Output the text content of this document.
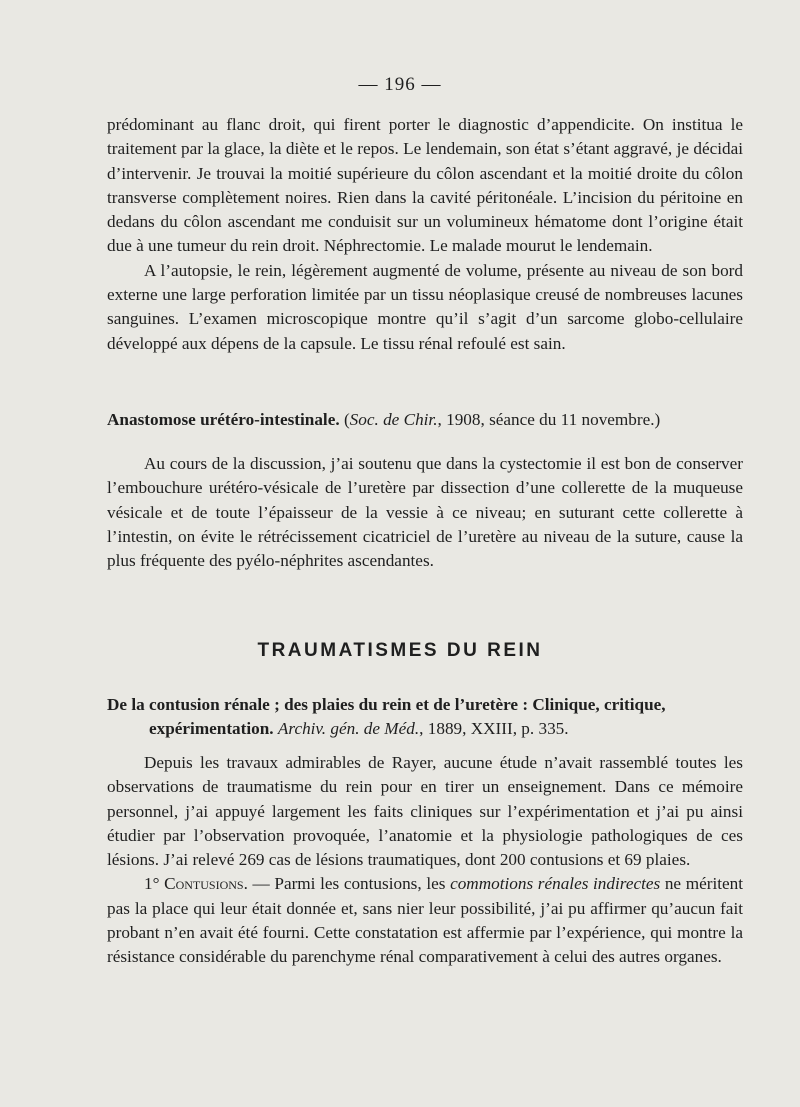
— 196 —

prédominant au flanc droit, qui firent porter le diagnostic d’appendicite. On institua le traitement par la glace, la diète et le repos. Le lendemain, son état s’étant aggravé, je décidai d’intervenir. Je trouvai la moitié supérieure du côlon ascendant et la moitié droite du côlon transverse complètement noires. Rien dans la cavité péritonéale. L’incision du péritoine en dedans du côlon ascendant me conduisit sur un volumineux hématome dont l’origine était due à une tumeur du rein droit. Néphrectomie. Le malade mourut le lendemain.

A l’autopsie, le rein, légèrement augmenté de volume, présente au niveau de son bord externe une large perforation limitée par un tissu néoplasique creusé de nombreuses lacunes sanguines. L’examen microscopique montre qu’il s’agit d’un sarcome globo-cellulaire développé aux dépens de la capsule. Le tissu rénal refoulé est sain.

Anastomose urétéro-intestinale. (Soc. de Chir., 1908, séance du 11 novembre.)

Au cours de la discussion, j’ai soutenu que dans la cystectomie il est bon de conserver l’embouchure urétéro-vésicale de l’uretère par dissection d’une collerette de la muqueuse vésicale et de toute l’épaisseur de la vessie à ce niveau; en suturant cette collerette à l’intestin, on évite le rétrécissement cicatriciel de l’uretère au niveau de la suture, cause la plus fréquente des pyélo-néphrites ascendantes.

TRAUMATISMES DU REIN

De la contusion rénale ; des plaies du rein et de l’uretère : Clinique, critique, expérimentation. Archiv. gén. de Méd., 1889, XXIII, p. 335.

Depuis les travaux admirables de Rayer, aucune étude n’avait rassemblé toutes les observations de traumatisme du rein pour en tirer un enseignement. Dans ce mémoire personnel, j’ai appuyé largement les faits cliniques sur l’expérimentation et j’ai pu ainsi étudier par l’observation provoquée, l’anatomie et la physiologie pathologiques de ces lésions. J’ai relevé 269 cas de lésions traumatiques, dont 200 contusions et 69 plaies.

1° Contusions. — Parmi les contusions, les commotions rénales indirectes ne méritent pas la place qui leur était donnée et, sans nier leur possibilité, j’ai pu affirmer qu’aucun fait probant n’en avait été fourni. Cette constatation est affermie par l’expérience, qui montre la résistance considérable du parenchyme rénal comparativement à celui des autres organes.
